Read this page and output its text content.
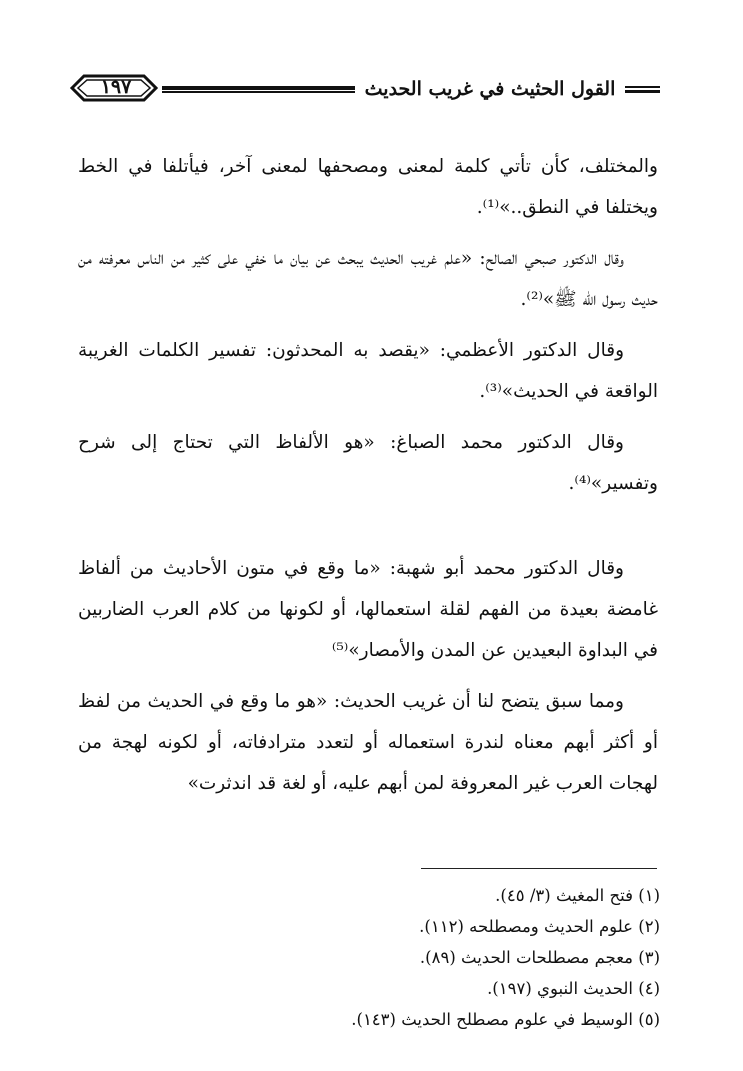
١٩٧	القول الحثيث في غريب الحديث

والمختلف، كأن تأتي كلمة لمعنى ومصحفها لمعنى آخر، فيأتلفا في الخط ويختلفا في النطق..»⁽¹⁾.

وقال الدكتور صبحي الصالح: «علم غريب الحديث يبحث عن بيان ما خفي على كثير من الناس معرفته من حديث رسول الله ﷺ»⁽²⁾.

وقال الدكتور الأعظمي: «يقصد به المحدثون: تفسير الكلمات الغريبة الواقعة في الحديث»⁽³⁾.

وقال الدكتور محمد الصباغ: «هو الألفاظ التي تحتاج إلى شرح وتفسير»⁽⁴⁾.

وقال الدكتور محمد أبو شهبة: «ما وقع في متون الأحاديث من ألفاظ غامضة بعيدة من الفهم لقلة استعمالها، أو لكونها من كلام العرب الضاربين في البداوة البعيدين عن المدن والأمصار»⁽⁵⁾

ومما سبق يتضح لنا أن غريب الحديث: «هو ما وقع في الحديث من لفظ أو أكثر أبهم معناه لندرة استعماله أو لتعدد مترادفاته، أو لكونه لهجة من لهجات العرب غير المعروفة لمن أبهم عليه، أو لغة قد اندثرت»

(١) فتح المغيث (٣/ ٤٥).
(٢) علوم الحديث ومصطلحه (١١٢).
(٣) معجم مصطلحات الحديث (٨٩).
(٤) الحديث النبوي (١٩٧).
(٥) الوسيط في علوم مصطلح الحديث (١٤٣).
